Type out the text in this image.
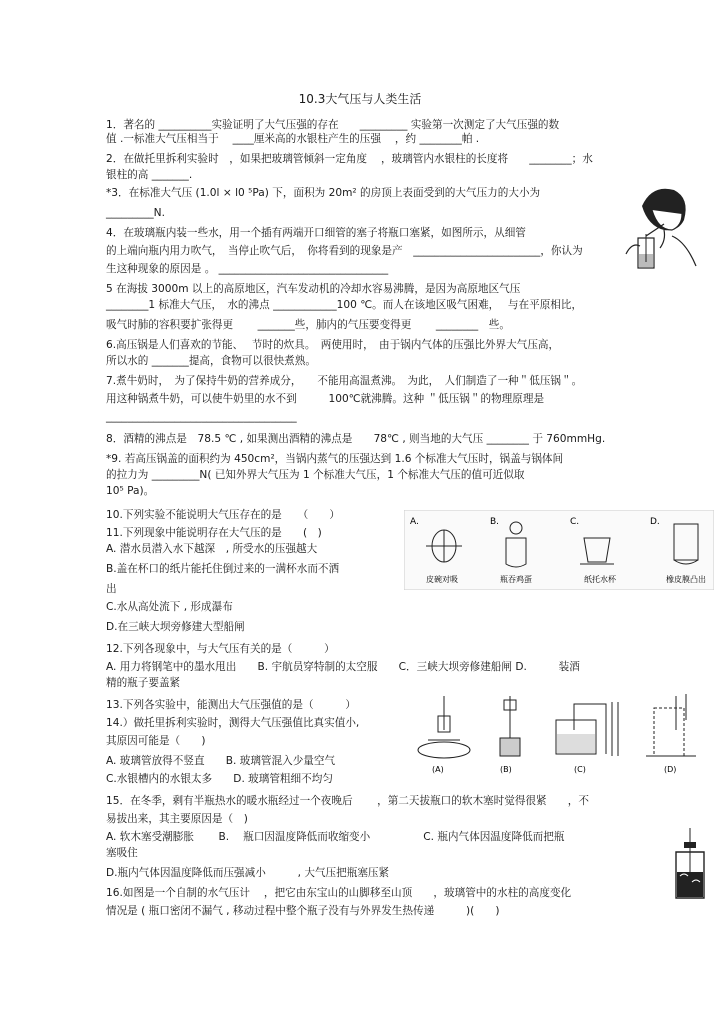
10.3大气压与人类生活
1．著名的 __________实验证明了大气压强的存在　　_________ 实验第一次测定了大气压强的数
值 .一标准大气压相当于　 ____厘米高的水银柱产生的压强　 ，约 ________帕 .
2．在做托里拆利实验时　，如果把玻璃管倾斜一定角度　 ，玻璃管内水银柱的长度将　　________；水
银柱的高 _______.
*3．在标准大气压 (1.0l × l0 ⁵Pa) 下，面积为 20m² 的房顶上表面受到的大气压力的大小为
_________N.
4．在玻璃瓶内装一些水，用一个插有两端开口细管的塞子将瓶口塞紧，如图所示，从细管
的上端向瓶内用力吹气，　当停止吹气后，　你将看到的现象是产　________________________，你认为
生这种现象的原因是 。 ________________________________
5 在海拔 3000m 以上的高原地区，汽车发动机的冷却水容易沸腾，是因为高原地区气压
________1 标准大气压，　水的沸点 ____________100 ℃。而人在该地区吸气困难，　 与在平原相比，
吸气时肺的容积要扩张得更　　 _______些，肺内的气压要变得更　　 ________　些。
6.高压锅是人们喜欢的节能、　 节时的炊具。　两使用时，　由于锅内气体的压强比外界大气压高，
所以水的 _______提高，食物可以很快煮熟。
7.煮牛奶时，　为了保持牛奶的营养成分，　　不能用高温煮沸。　为此，　人们制造了一种＂低压锅＂。
用这种锅煮牛奶，可以使牛奶里的水不到　　　100℃就沸腾。这种 ＂低压锅＂的物理原理是
____________________________________
8．酒精的沸点是　78.5 ℃ , 如果测出酒精的沸点是　　78℃ , 则当地的大气压 ________ 于 760mmHg.
*9. 若高压锅盖的面积约为 450cm²，当锅内蒸气的压强达到 1.6 个标准大气压时，锅盖与锅体间
的拉力为 _________N( 已知外界大气压为 1 个标准大气压，1 个标准大气压的值可近似取
10⁵ Pa)。
10.下列实验不能说明大气压存在的是　　（　　）
11.下列现象中能说明存在大气压的是　　(　)
A. 潜水员潜入水下越深　, 所受水的压强越大
B.盖在杯口的纸片能托住倒过来的一满杯水而不洒
出
C.水从高处流下 , 形成瀑布
D.在三峡大坝旁修建大型船闸
12.下列各现象中，与大气压有关的是（　　　）
A. 用力将钢笔中的墨水甩出　　B. 宇航员穿特制的太空服　　C．三峡大坝旁修建船闸 D.　　　装酒
精的瓶子要盖紧
13.下列各实验中，能测出大气压强值的是（　　　）
14.）做托里拆利实验时，测得大气压强值比真实值小,
其原因可能是（　　)
A. 玻璃管放得不竖直　　B. 玻璃管混入少量空气
C.水银槽内的水银太多　　D. 玻璃管粗细不均匀
15．在冬季，剩有半瓶热水的暖水瓶经过一个夜晚后　　 ，第二天拔瓶口的软木塞时觉得很紧　　，不
易拔出来，其主要原因是（　)
A. 软木塞受潮膨胀　　 B.　 瓶口因温度降低而收缩变小　　　　　C. 瓶内气体因温度降低而把瓶
塞吸住
D.瓶内气体因温度降低而压强减小　　　, 大气压把瓶塞压紧
16.如图是一个自制的水气压计　 ，把它由东宝山的山脚移至山顶　　，玻璃管中的水柱的高度变化
情况是 ( 瓶口密闭不漏气 , 移动过程中整个瓶子没有与外界发生热传递　　　)(　　)
A.
皮碗对吸
B.
瓶吞鸡蛋
C.
纸托水杯
D.
橡皮膜凸出
(A)	(B)	(C)	(D)
